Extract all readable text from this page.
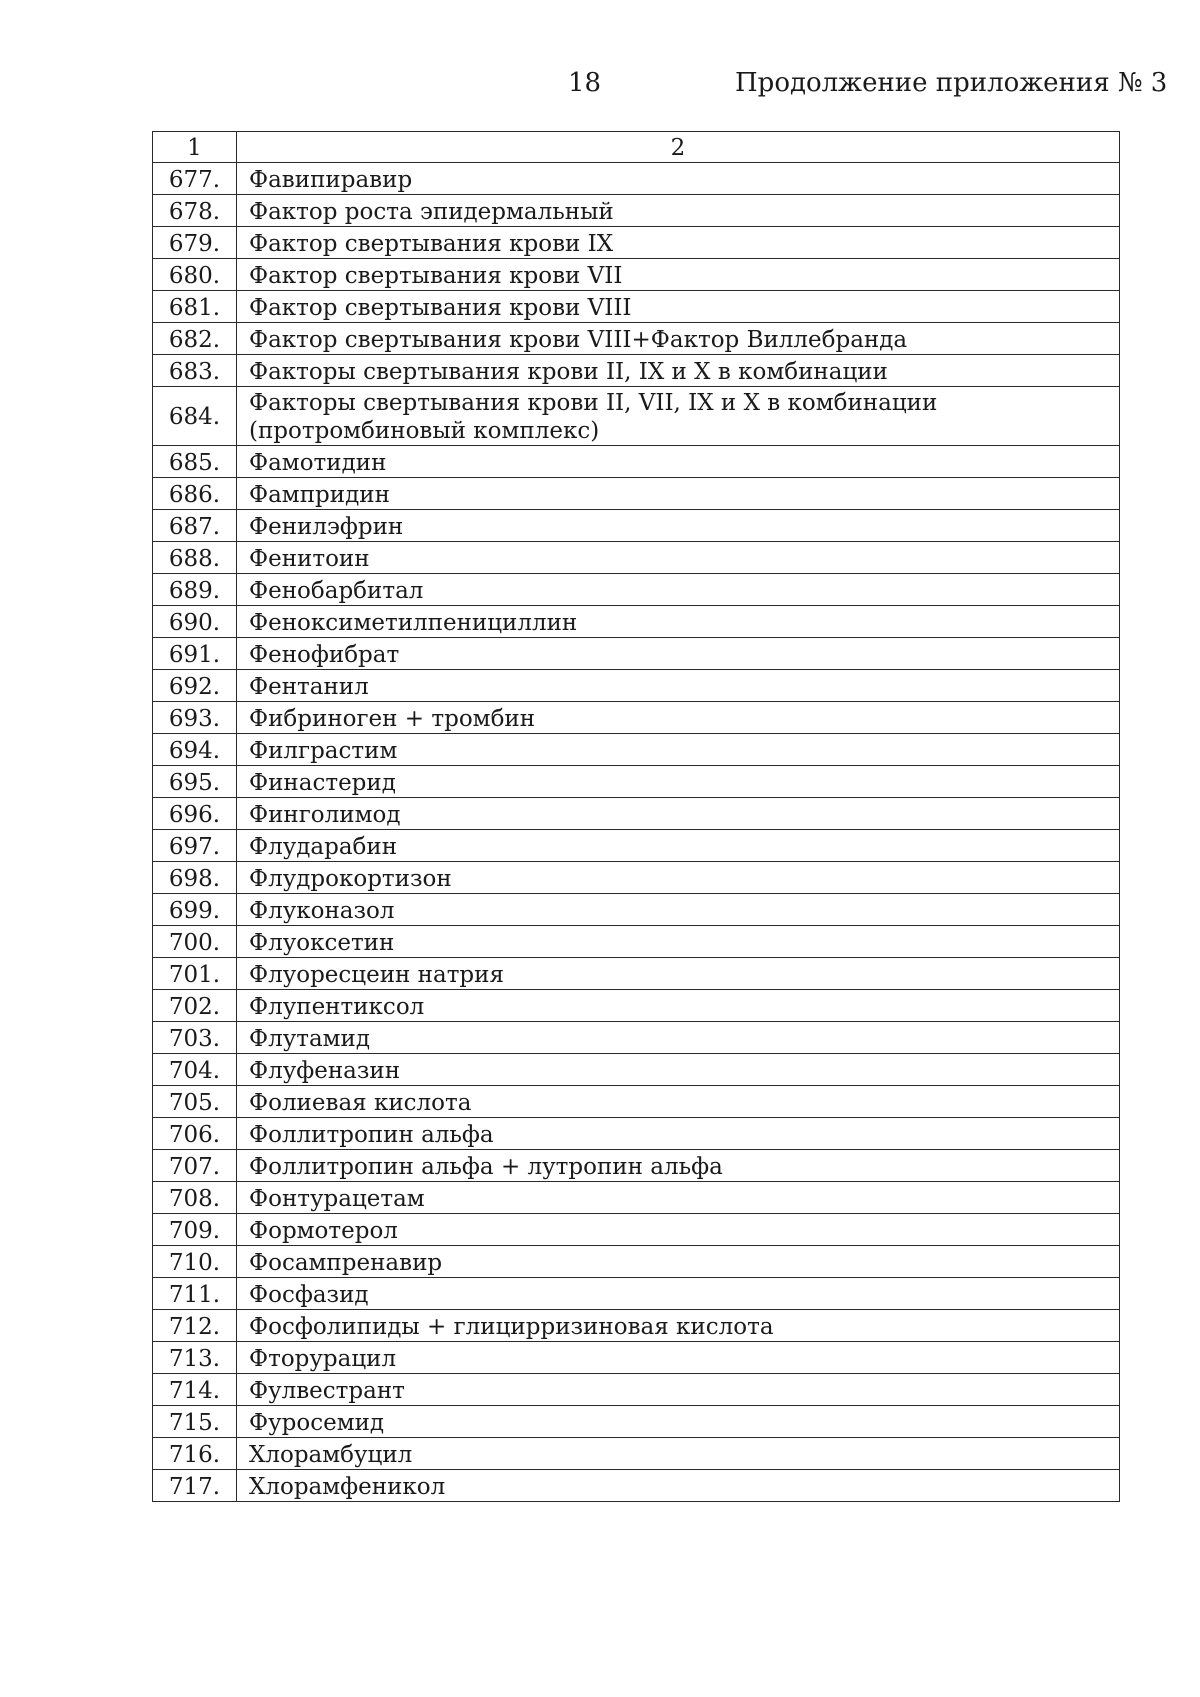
18	Продолжение приложения № 3
1	2
677.	Фавипиравир
678.	Фактор роста эпидермальный
679.	Фактор свертывания крови IX
680.	Фактор свертывания крови VII
681.	Фактор свертывания крови VIII
682.	Фактор свертывания крови VIII+Фактор Виллебранда
683.	Факторы свертывания крови II, IX и X в комбинации
684.	Факторы свертывания крови II, VII, IX и X в комбинации (протромбиновый комплекс)
685.	Фамотидин
686.	Фампридин
687.	Фенилэфрин
688.	Фенитоин
689.	Фенобарбитал
690.	Феноксиметилпенициллин
691.	Фенофибрат
692.	Фентанил
693.	Фибриноген + тромбин
694.	Филграстим
695.	Финастерид
696.	Финголимод
697.	Флударабин
698.	Флудрокортизон
699.	Флуконазол
700.	Флуоксетин
701.	Флуоресцеин натрия
702.	Флупентиксол
703.	Флутамид
704.	Флуфеназин
705.	Фолиевая кислота
706.	Фоллитропин альфа
707.	Фоллитропин альфа + лутропин альфа
708.	Фонтурацетам
709.	Формотерол
710.	Фосампренавир
711.	Фосфазид
712.	Фосфолипиды + глицирризиновая кислота
713.	Фторурацил
714.	Фулвестрант
715.	Фуросемид
716.	Хлорамбуцил
717.	Хлорамфеникол
